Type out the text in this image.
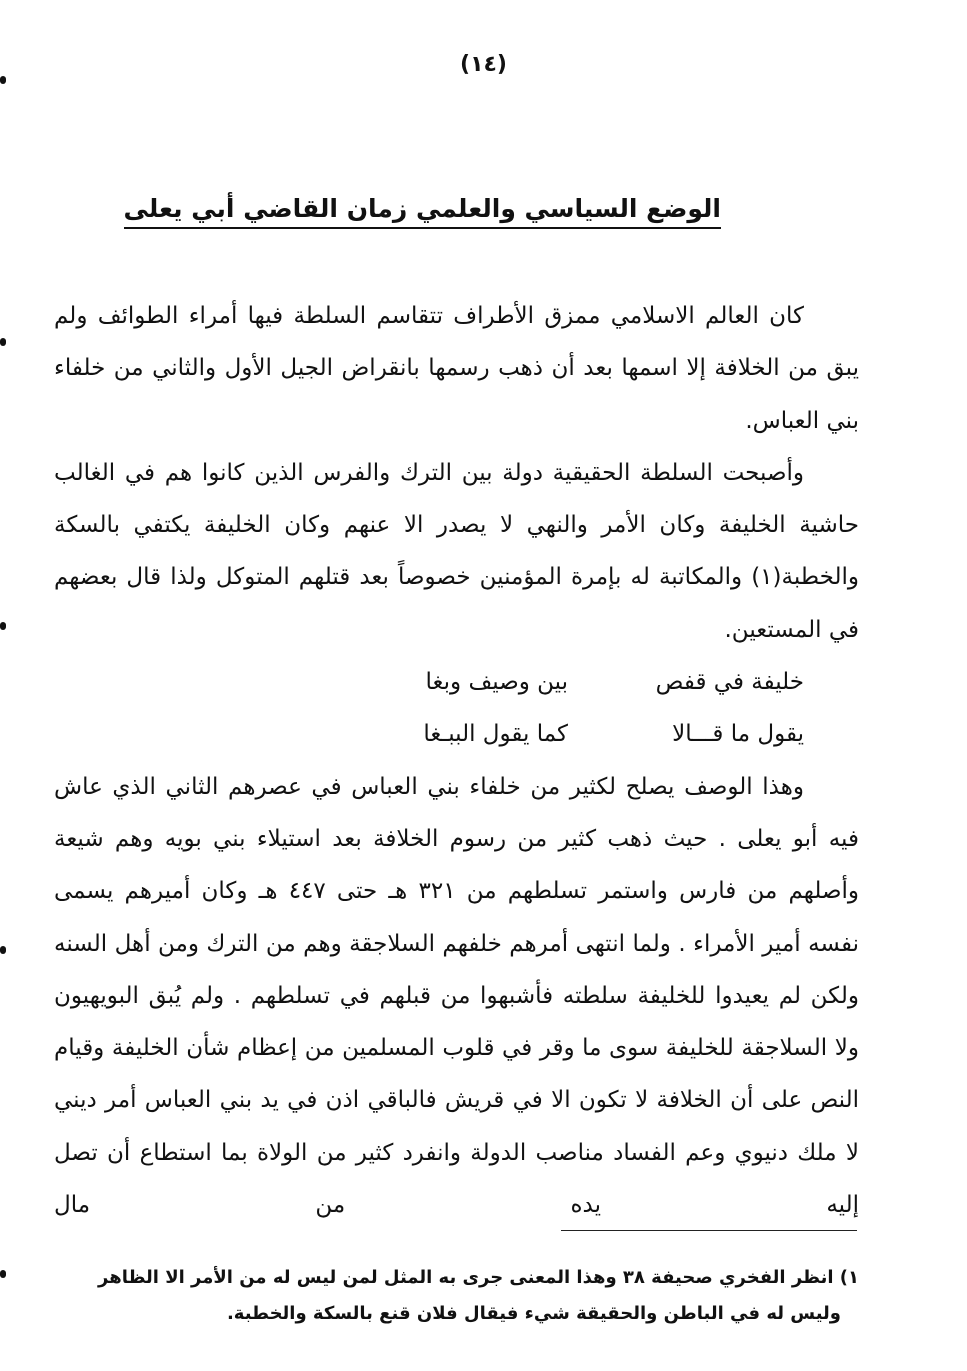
(١٤)
الوضع السياسي والعلمي زمان القاضي أبي يعلى

كان العالم الاسلامي ممزق الأطراف تتقاسم السلطة فيها أمراء الطوائف ولم يبق من الخلافة إلا اسمها بعد أن ذهب رسمها بانقراض الجيل الأول والثاني من خلفاء بني العباس.

وأصبحت السلطة الحقيقية دولة بين الترك والفرس الذين كانوا هم في الغالب حاشية الخليفة وكان الأمر والنهي لا يصدر الا عنهم وكان الخليفة يكتفي بالسكة والخطبة(١) والمكاتبة له بإمرة المؤمنين خصوصاً بعد قتلهم المتوكل ولذا قال بعضهم في المستعين.

خليفة في قفص
بين وصيف وبغا
يقول ما قـــالا
كما يقول الببـغا

وهذا الوصف يصلح لكثير من خلفاء بني العباس في عصرهم الثاني الذي عاش فيه أبو يعلى . حيث ذهب كثير من رسوم الخلافة بعد استيلاء بني بويه وهم شيعة وأصلهم من فارس واستمر تسلطهم من ٣٢١ هـ حتى ٤٤٧ هـ وكان أميرهم يسمى نفسه أمير الأمراء . ولما انتهى أمرهم خلفهم السلاجقة وهم من الترك ومن أهل السنه ولكن لم يعيدوا للخليفة سلطته فأشبهوا من قبلهم في تسلطهم . ولم يُبق البويهيون ولا السلاجقة للخليفة سوى ما وقر في قلوب المسلمين من إعظام شأن الخليفة وقيام النص على أن الخلافة لا تكون الا في قريش فالباقي اذن في يد بني العباس أمر ديني لا ملك دنيوي وعم الفساد مناصب الدولة وانفرد كثير من الولاة بما استطاع أن تصل إليه يده من مال

١) انظر الفخري صحيفة ٣٨ وهذا المعنى جرى به المثل لمن ليس له من الأمر الا الظاهر

وليس له في الباطن والحقيقة شيء فيقال فلان قنع بالسكة والخطبة.
